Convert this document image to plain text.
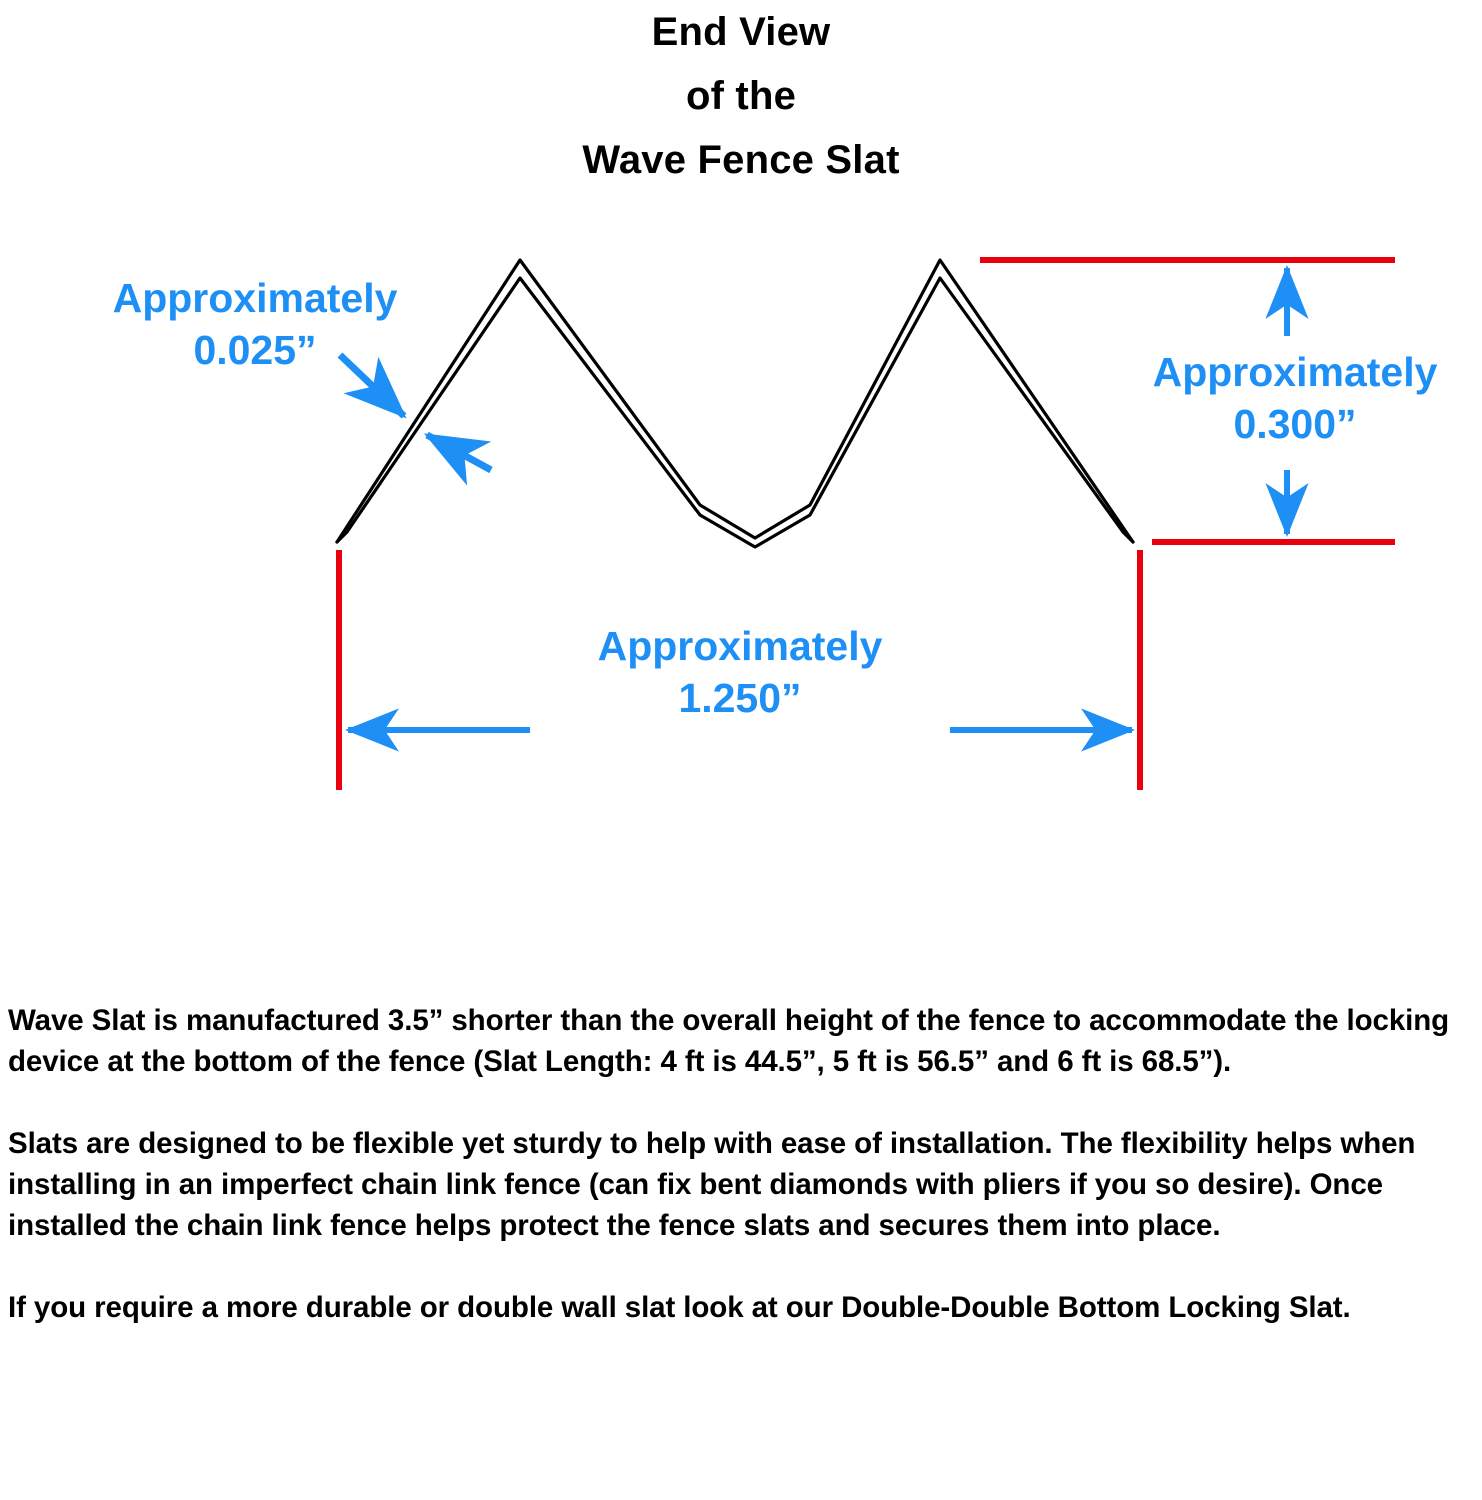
End View
of the
Wave Fence Slat
Approximately
0.025”	Approximately
0.300”
Approximately
1.250”

Wave Slat is manufactured 3.5” shorter than the overall height of the fence to accommodate the locking device at the bottom of the fence (Slat Length: 4 ft is 44.5”, 5 ft is 56.5” and 6 ft is 68.5”).

Slats are designed to be flexible yet sturdy to help with ease of installation. The flexibility helps when installing in an imperfect chain link fence (can fix bent diamonds with pliers if you so desire). Once installed the chain link fence helps protect the fence slats and secures them into place.

If you require a more durable or double wall slat look at our Double-Double Bottom Locking Slat.
